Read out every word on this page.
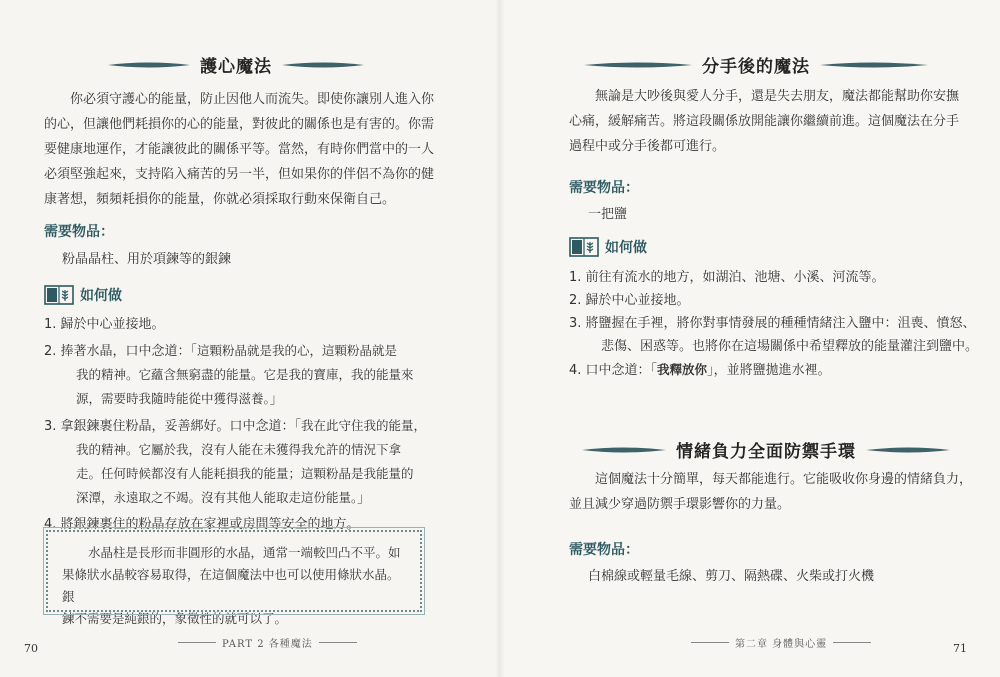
護心魔法
你必須守護心的能量，防止因他人而流失。即使你讓別人進入你
的心，但讓他們耗損你的心的能量，對彼此的關係也是有害的。你需
要健康地運作，才能讓彼此的關係平等。當然，有時你們當中的一人
必須堅強起來，支持陷入痛苦的另一半，但如果你的伴侶不為你的健
康著想，頻頻耗損你的能量，你就必須採取行動來保衛自己。
需要物品：
粉晶晶柱、用於項鍊等的銀鍊
如何做
1. 歸於中心並接地。
2. 捧著水晶，口中念道：「這顆粉晶就是我的心，這顆粉晶就是
我的精神。它蘊含無窮盡的能量。它是我的寶庫，我的能量來
源，需要時我隨時能從中獲得滋養。」
3. 拿銀鍊裹住粉晶，妥善綁好。口中念道：「我在此守住我的能量，
我的精神。它屬於我，沒有人能在未獲得我允許的情況下拿
走。任何時候都沒有人能耗損我的能量；這顆粉晶是我能量的
深潭，永遠取之不竭。沒有其他人能取走這份能量。」
4. 將銀鍊裹住的粉晶存放在家裡或房間等安全的地方。
水晶柱是長形而非圓形的水晶，通常一端較凹凸不平。如
果條狀水晶較容易取得，在這個魔法中也可以使用條狀水晶。銀
鍊不需要是純銀的，象徵性的就可以了。
PART 2 各種魔法
70
分手後的魔法
無論是大吵後與愛人分手，還是失去朋友，魔法都能幫助你安撫
心痛，緩解痛苦。將這段關係放開能讓你繼續前進。這個魔法在分手
過程中或分手後都可進行。
需要物品：
一把鹽
如何做
1. 前往有流水的地方，如湖泊、池塘、小溪、河流等。
2. 歸於中心並接地。
3. 將鹽握在手裡，將你對事情發展的種種情緒注入鹽中：沮喪、憤怒、
悲傷、困惑等。也將你在這場關係中希望釋放的能量灌注到鹽中。
4. 口中念道：「我釋放你」，並將鹽拋進水裡。
情緒負力全面防禦手環
這個魔法十分簡單，每天都能進行。它能吸收你身邊的情緒負力，
並且減少穿過防禦手環影響你的力量。
需要物品：
白棉線或輕量毛線、剪刀、隔熱碟、火柴或打火機
第二章 身體與心靈	71
